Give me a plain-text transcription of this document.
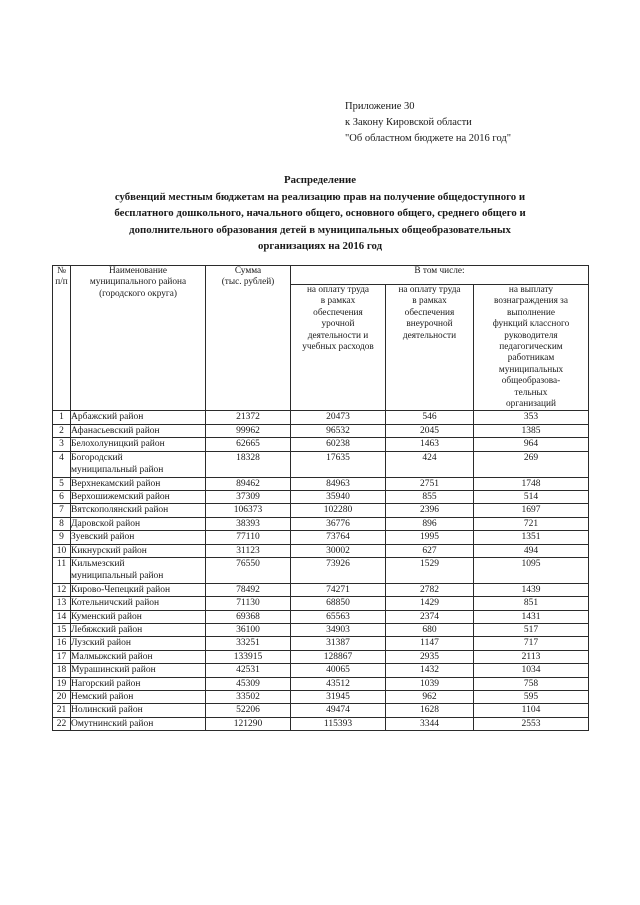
Приложение 30
к Закону Кировской области
"Об областном бюджете на 2016 год"
Распределение
субвенций местным бюджетам на реализацию прав на получение общедоступного и
бесплатного дошкольного, начального общего, основного общего, среднего общего и
дополнительного образования детей в муниципальных общеобразовательных
организациях на 2016 год
№
п/п	Наименование
муниципального района
(городского округа)	Сумма
(тыс. рублей)	В том числе:		

на оплату труда
в рамках
обеспечения
урочной
деятельности и
учебных расходов

на оплату труда
в рамках
обеспечения
внеурочной
деятельности

на выплату
вознаграждения за
выполнение
функций классного
руководителя
педагогическим
работникам
муниципальных
общеобразова-
тельных
организаций

1	Арбажский район	21372	20473	546	353
2	Афанасьевский район	99962	96532	2045	1385
3	Белохолуницкий район	62665	60238	1463	964
4	Богородский
муниципальный район	18328	17635	424	269
5	Верхнекамский район	89462	84963	2751	1748
6	Верхошижемский район	37309	35940	855	514
7	Вятскополянский район	106373	102280	2396	1697
8	Даровской район	38393	36776	896	721
9	Зуевский район	77110	73764	1995	1351
10	Кикнурский район	31123	30002	627	494
11	Кильмезский
муниципальный район	76550	73926	1529	1095
12	Кирово-Чепецкий район	78492	74271	2782	1439
13	Котельничский район	71130	68850	1429	851
14	Куменский район	69368	65563	2374	1431
15	Лебяжский район	36100	34903	680	517
16	Лузский район	33251	31387	1147	717
17	Малмыжский район	133915	128867	2935	2113
18	Мурашинский район	42531	40065	1432	1034
19	Нагорский район	45309	43512	1039	758
20	Немский район	33502	31945	962	595
21	Нолинский район	52206	49474	1628	1104
22	Омутнинский район	121290	115393	3344	2553
